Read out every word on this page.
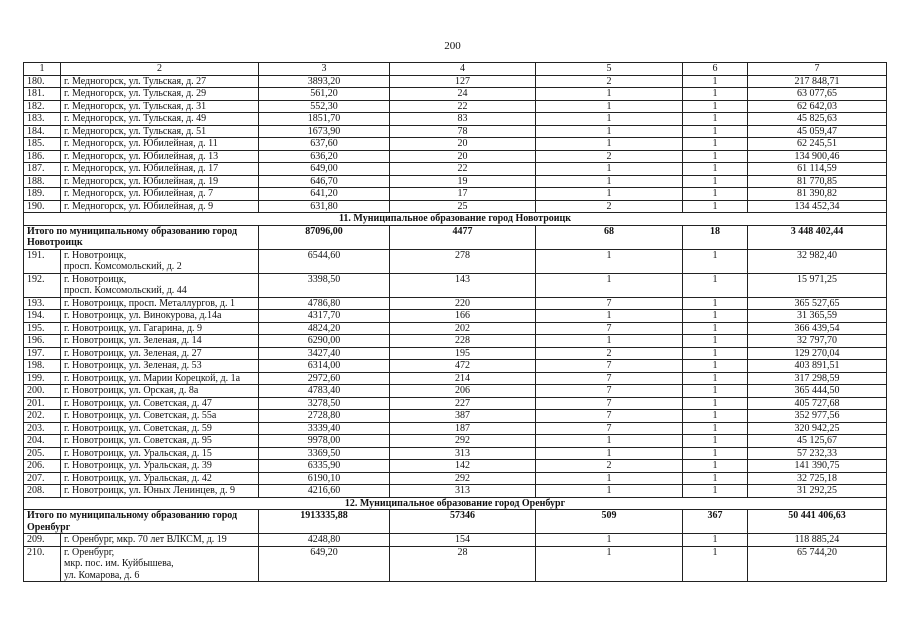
200
1	2	3	4	5	6	7
180.	г. Медногорск, ул. Тульская, д. 27	3893,20	127	2	1	217 848,71
181.	г. Медногорск, ул. Тульская, д. 29	561,20	24	1	1	63 077,65
182.	г. Медногорск, ул. Тульская, д. 31	552,30	22	1	1	62 642,03
183.	г. Медногорск, ул. Тульская, д. 49	1851,70	83	1	1	45 825,63
184.	г. Медногорск, ул. Тульская, д. 51	1673,90	78	1	1	45 059,47
185.	г. Медногорск, ул. Юбилейная, д. 11	637,60	20	1	1	62 245,51
186.	г. Медногорск, ул. Юбилейная, д. 13	636,20	20	2	1	134 900,46
187.	г. Медногорск, ул. Юбилейная, д. 17	649,00	22	1	1	61 114,59
188.	г. Медногорск, ул. Юбилейная, д. 19	646,70	19	1	1	81 770,85
189.	г. Медногорск, ул. Юбилейная, д. 7	641,20	17	1	1	81 390,82
190.	г. Медногорск, ул. Юбилейная, д. 9	631,80	25	2	1	134 452,34
11. Муниципальное образование город Новотроицк						
Итого по муниципальному образованию город Новотроицк		87096,00	4477	68	18	3 448 402,44
191.	г. Новотроицк,
просп. Комсомольский, д. 2	6544,60	278	1	1	32 982,40
192.	г. Новотроицк,
просп. Комсомольский, д. 44	3398,50	143	1	1	15 971,25
193.	г. Новотроицк, просп. Металлургов, д. 1	4786,80	220	7	1	365 527,65
194.	г. Новотроицк, ул. Винокурова, д.14а	4317,70	166	1	1	31 365,59
195.	г. Новотроицк, ул. Гагарина, д. 9	4824,20	202	7	1	366 439,54
196.	г. Новотроицк, ул. Зеленая, д. 14	6290,00	228	1	1	32 797,70
197.	г. Новотроицк, ул. Зеленая, д. 27	3427,40	195	2	1	129 270,04
198.	г. Новотроицк, ул. Зеленая, д. 53	6314,00	472	7	1	403 891,51
199.	г. Новотроицк, ул. Марии Корецкой, д. 1а	2972,60	214	7	1	317 298,59
200.	г. Новотроицк, ул. Орская, д. 8а	4783,40	206	7	1	365 444,50
201.	г. Новотроицк, ул. Советская, д. 47	3278,50	227	7	1	405 727,68
202.	г. Новотроицк, ул. Советская, д. 55а	2728,80	387	7	1	352 977,56
203.	г. Новотроицк, ул. Советская, д. 59	3339,40	187	7	1	320 942,25
204.	г. Новотроицк, ул. Советская, д. 95	9978,00	292	1	1	45 125,67
205.	г. Новотроицк, ул. Уральская, д. 15	3369,50	313	1	1	57 232,33
206.	г. Новотроицк, ул. Уральская, д. 39	6335,90	142	2	1	141 390,75
207.	г. Новотроицк, ул. Уральская, д. 42	6190,10	292	1	1	32 725,18
208.	г. Новотроицк, ул. Юных Ленинцев, д. 9	4216,60	313	1	1	31 292,25
12. Муниципальное образование город Оренбург						
Итого по муниципальному образованию город Оренбург		1913335,88	57346	509	367	50 441 406,63
209.	г. Оренбург, мкр. 70 лет ВЛКСМ, д. 19	4248,80	154	1	1	118 885,24
210.	г. Оренбург,
мкр. пос. им. Куйбышева,
ул. Комарова, д. 6	649,20	28	1	1	65 744,20
